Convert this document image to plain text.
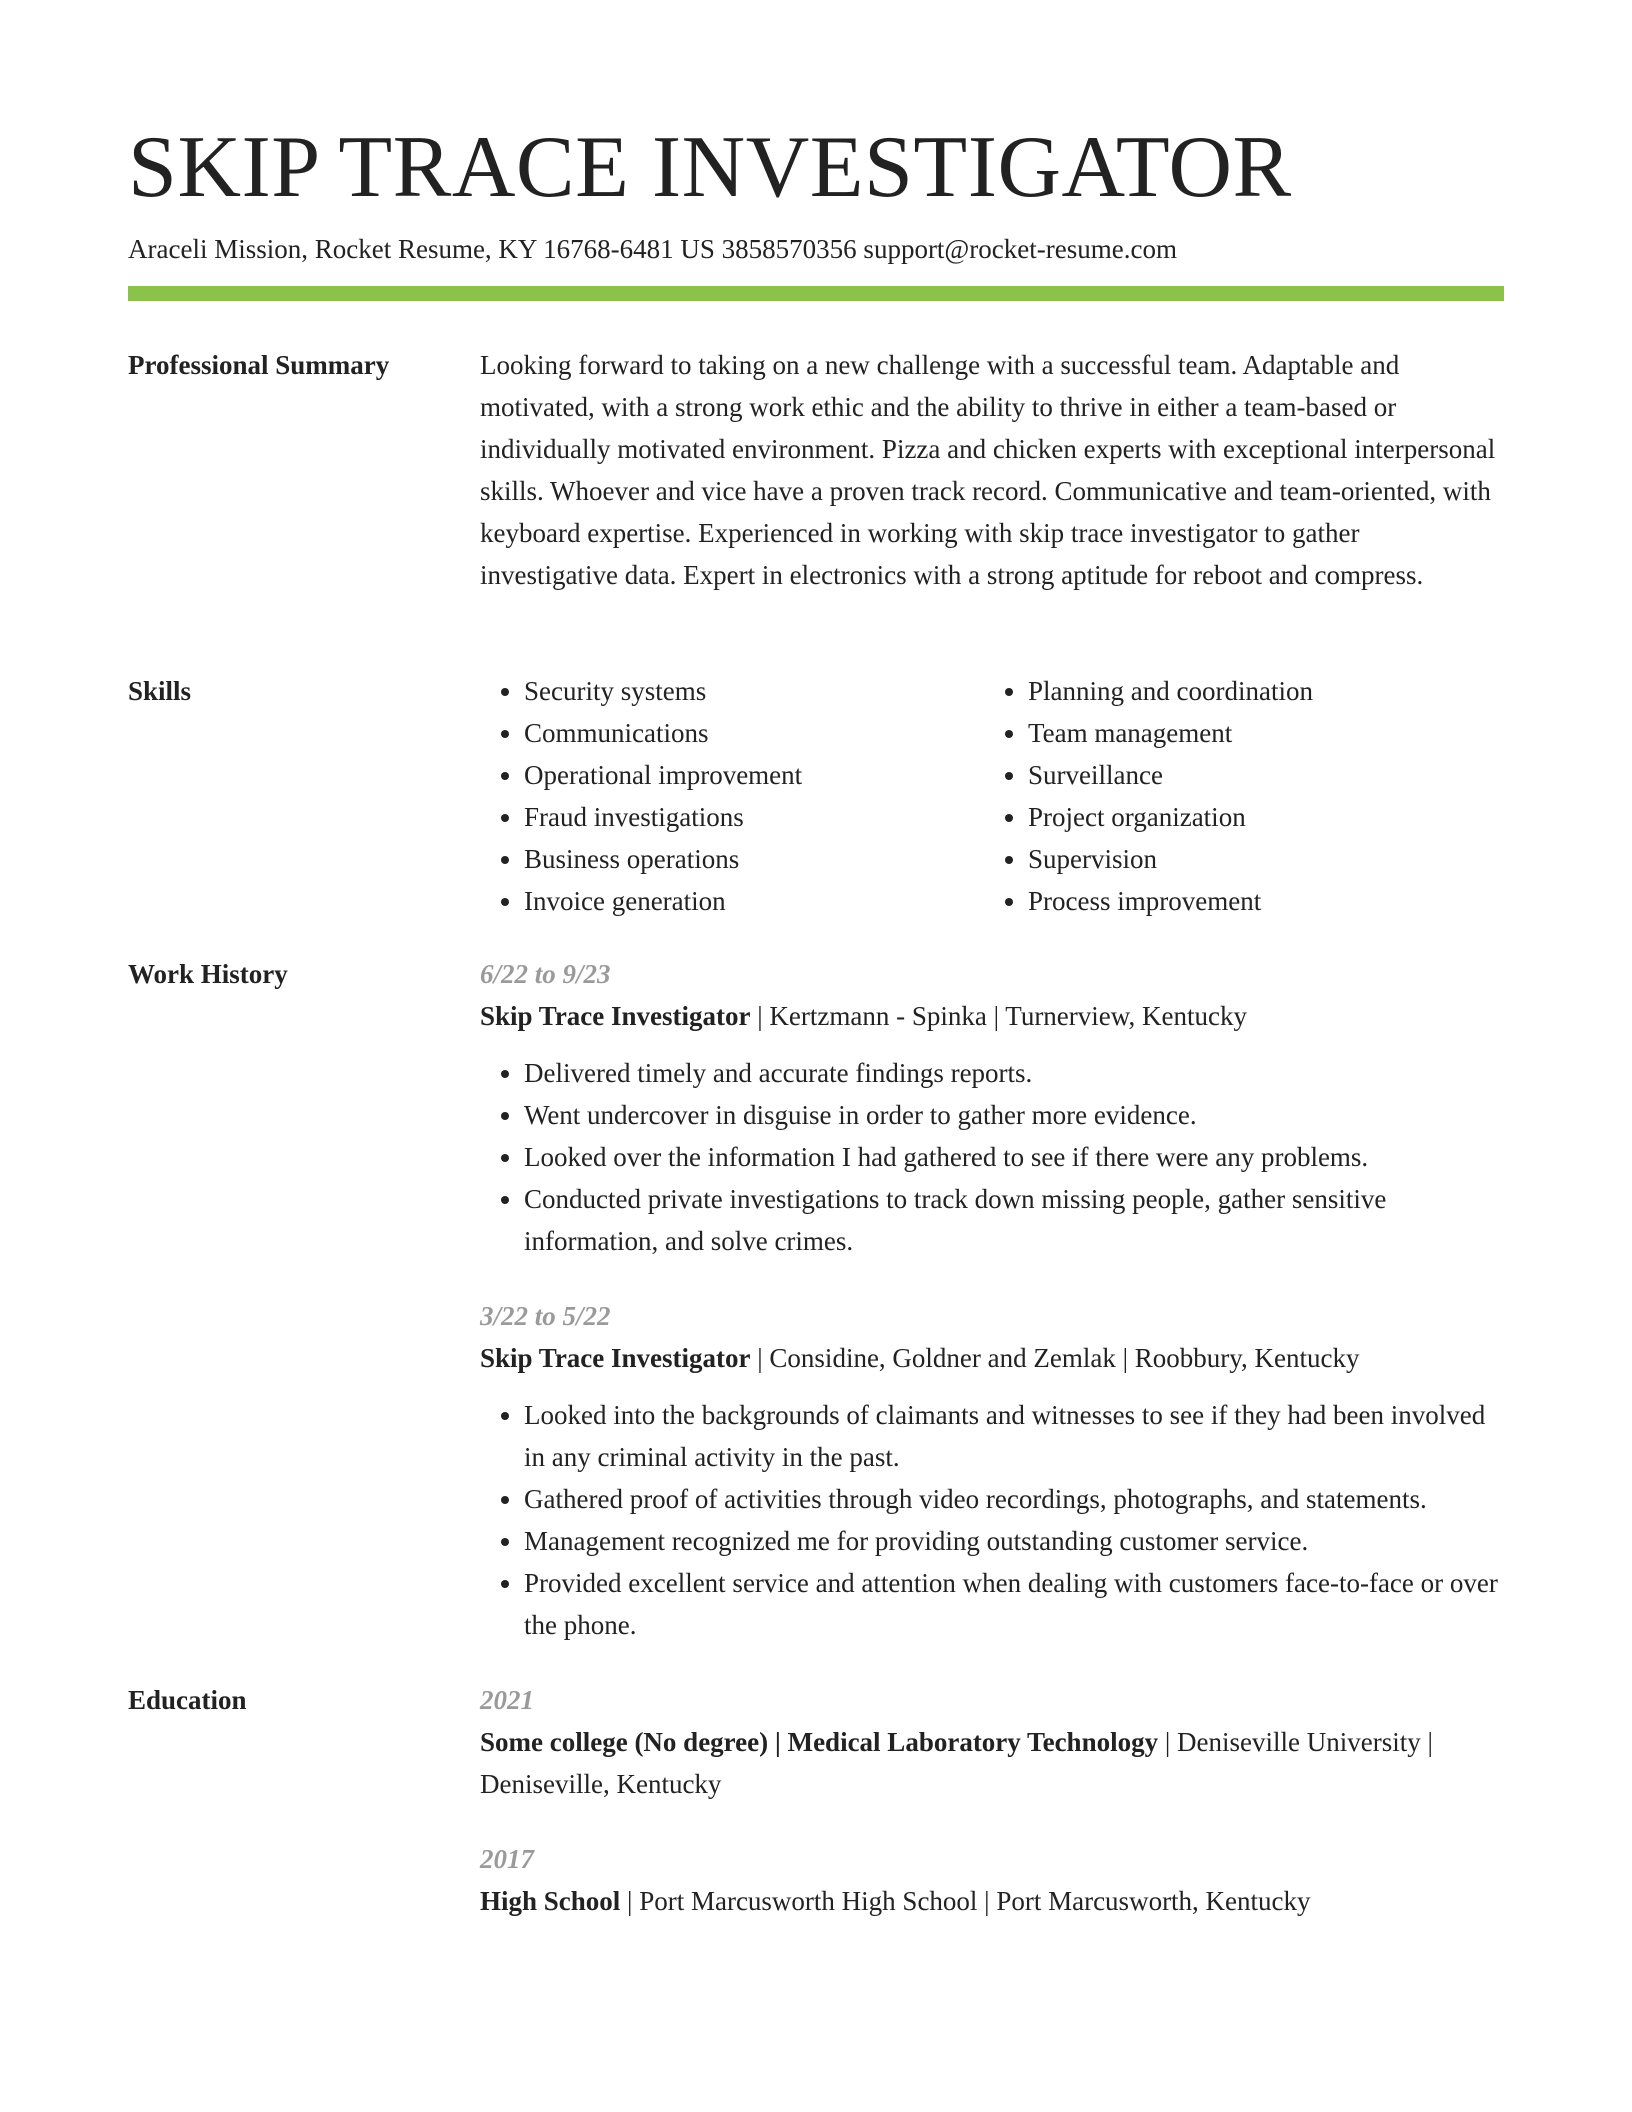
SKIP TRACE INVESTIGATOR
Araceli Mission, Rocket Resume, KY 16768-6481 US 3858570356 support@rocket-resume.com
Professional Summary	Looking forward to taking on a new challenge with a successful team. Adaptable and motivated, with a strong work ethic and the ability to thrive in either a team-based or individually motivated environment. Pizza and chicken experts with exceptional interpersonal skills. Whoever and vice have a proven track record. Communicative and team-oriented, with keyboard expertise. Experienced in working with skip trace investigator to gather investigative data. Expert in electronics with a strong aptitude for reboot and compress.

Skills
•	Security systems
• Communications
• Operational improvement
• Fraud investigations
• Business operations
• Invoice generation
• Planning and coordination
• Team management
• Surveillance
• Project organization
• Supervision
• Process improvement
Work History	6/22 to 9/23
Skip Trace Investigator | Kertzmann - Spinka | Turnerview, Kentucky
• Delivered timely and accurate findings reports.
• Went undercover in disguise in order to gather more evidence.
• Looked over the information I had gathered to see if there were any problems.
• Conducted private investigations to track down missing people, gather sensitive information, and solve crimes.
3/22 to 5/22
Skip Trace Investigator | Considine, Goldner and Zemlak | Roobbury, Kentucky
• Looked into the backgrounds of claimants and witnesses to see if they had been involved in any criminal activity in the past.
• Gathered proof of activities through video recordings, photographs, and statements.
• Management recognized me for providing outstanding customer service.
• Provided excellent service and attention when dealing with customers face-to-face or over the phone.
Education	2021
Some college (No degree) | Medical Laboratory Technology | Deniseville University | Deniseville, Kentucky
2017
High School | Port Marcusworth High School | Port Marcusworth, Kentucky
